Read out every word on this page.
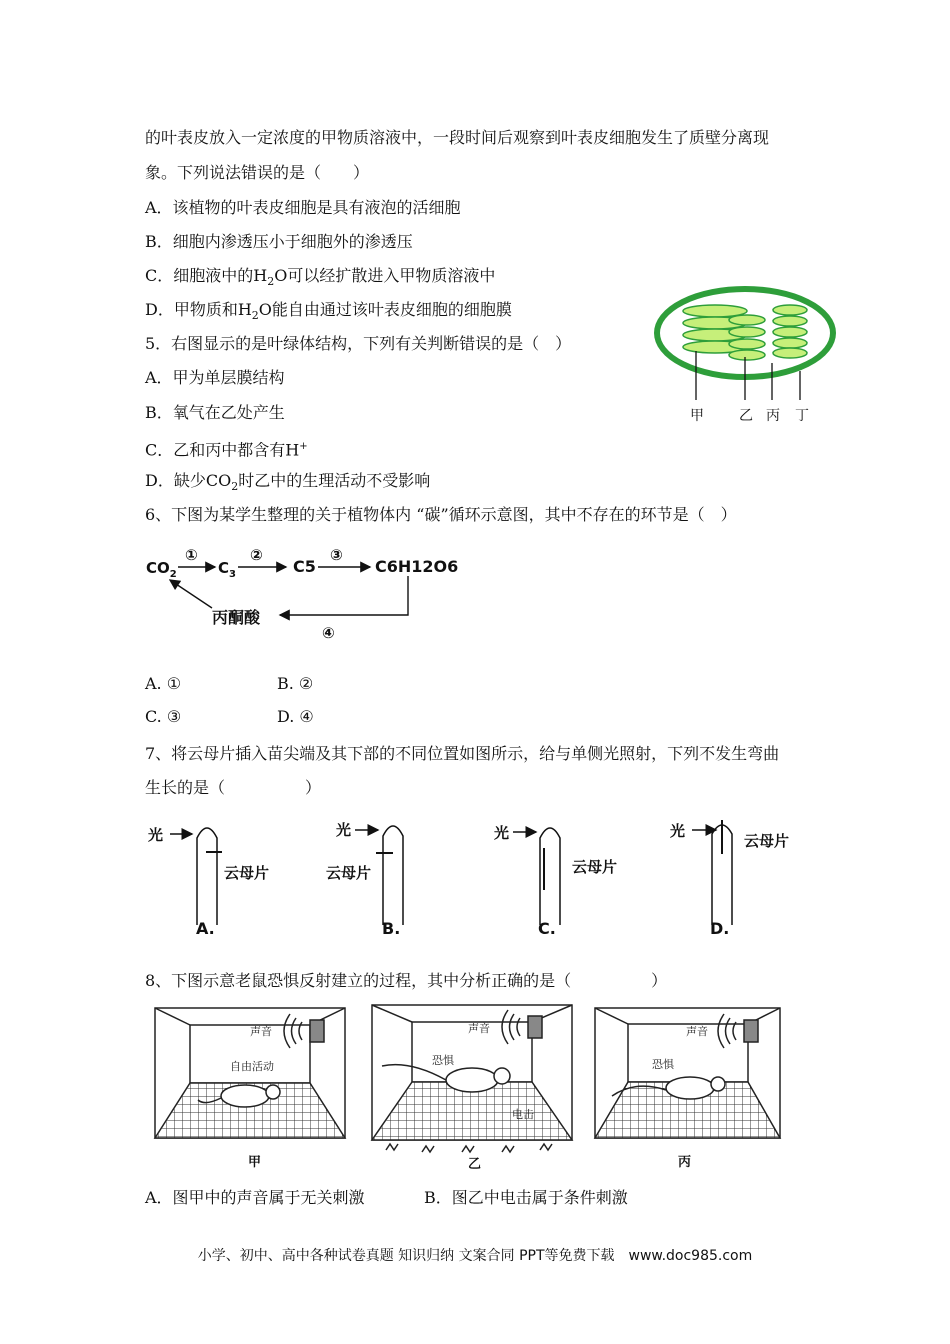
的叶表皮放入一定浓度的甲物质溶液中，一段时间后观察到叶表皮细胞发生了质壁分离现
象。下列说法错误的是（　　）
A．该植物的叶表皮细胞是具有液泡的活细胞
B．细胞内渗透压小于细胞外的渗透压
C．细胞液中的$H_2O$可以经扩散进入甲物质溶液中
D．甲物质和$H_2O$能自由通过该叶表皮细胞的细胞膜
5．右图显示的是叶绿体结构，下列有关判断错误的是（　）
A．甲为单层膜结构
B．氧气在乙处产生
C．乙和丙中都含有H+
D．缺少$CO_2$时乙中的生理活动不受影响
甲	乙 丙 丁
6、下图为某学生整理的关于植物体内 “碳”循环示意图，其中不存在的环节是（　）
$CO_2$	$C_3$	C5	C6H12O6
丙酮酸
①	②	③
④
A. ①	B. ②
C. ③	D. ④
7、将云母片插入苗尖端及其下部的不同位置如图所示，给与单侧光照射，下列不发生弯曲
生长的是（　　　　　）
光
云母片
A.
光
云母片
B.
光
云母片
C.
光
云母片
D.
8、下图示意老鼠恐惧反射建立的过程，其中分析正确的是（　　　　　）
声音
自由活动
声音
恐惧
电击
声音
恐惧
甲	乙	丙
A．图甲中的声音属于无关刺激	B．图乙中电击属于条件刺激
小学、初中、高中各种试卷真题 知识归纳 文案合同 PPT等免费下载　www.doc985.com
